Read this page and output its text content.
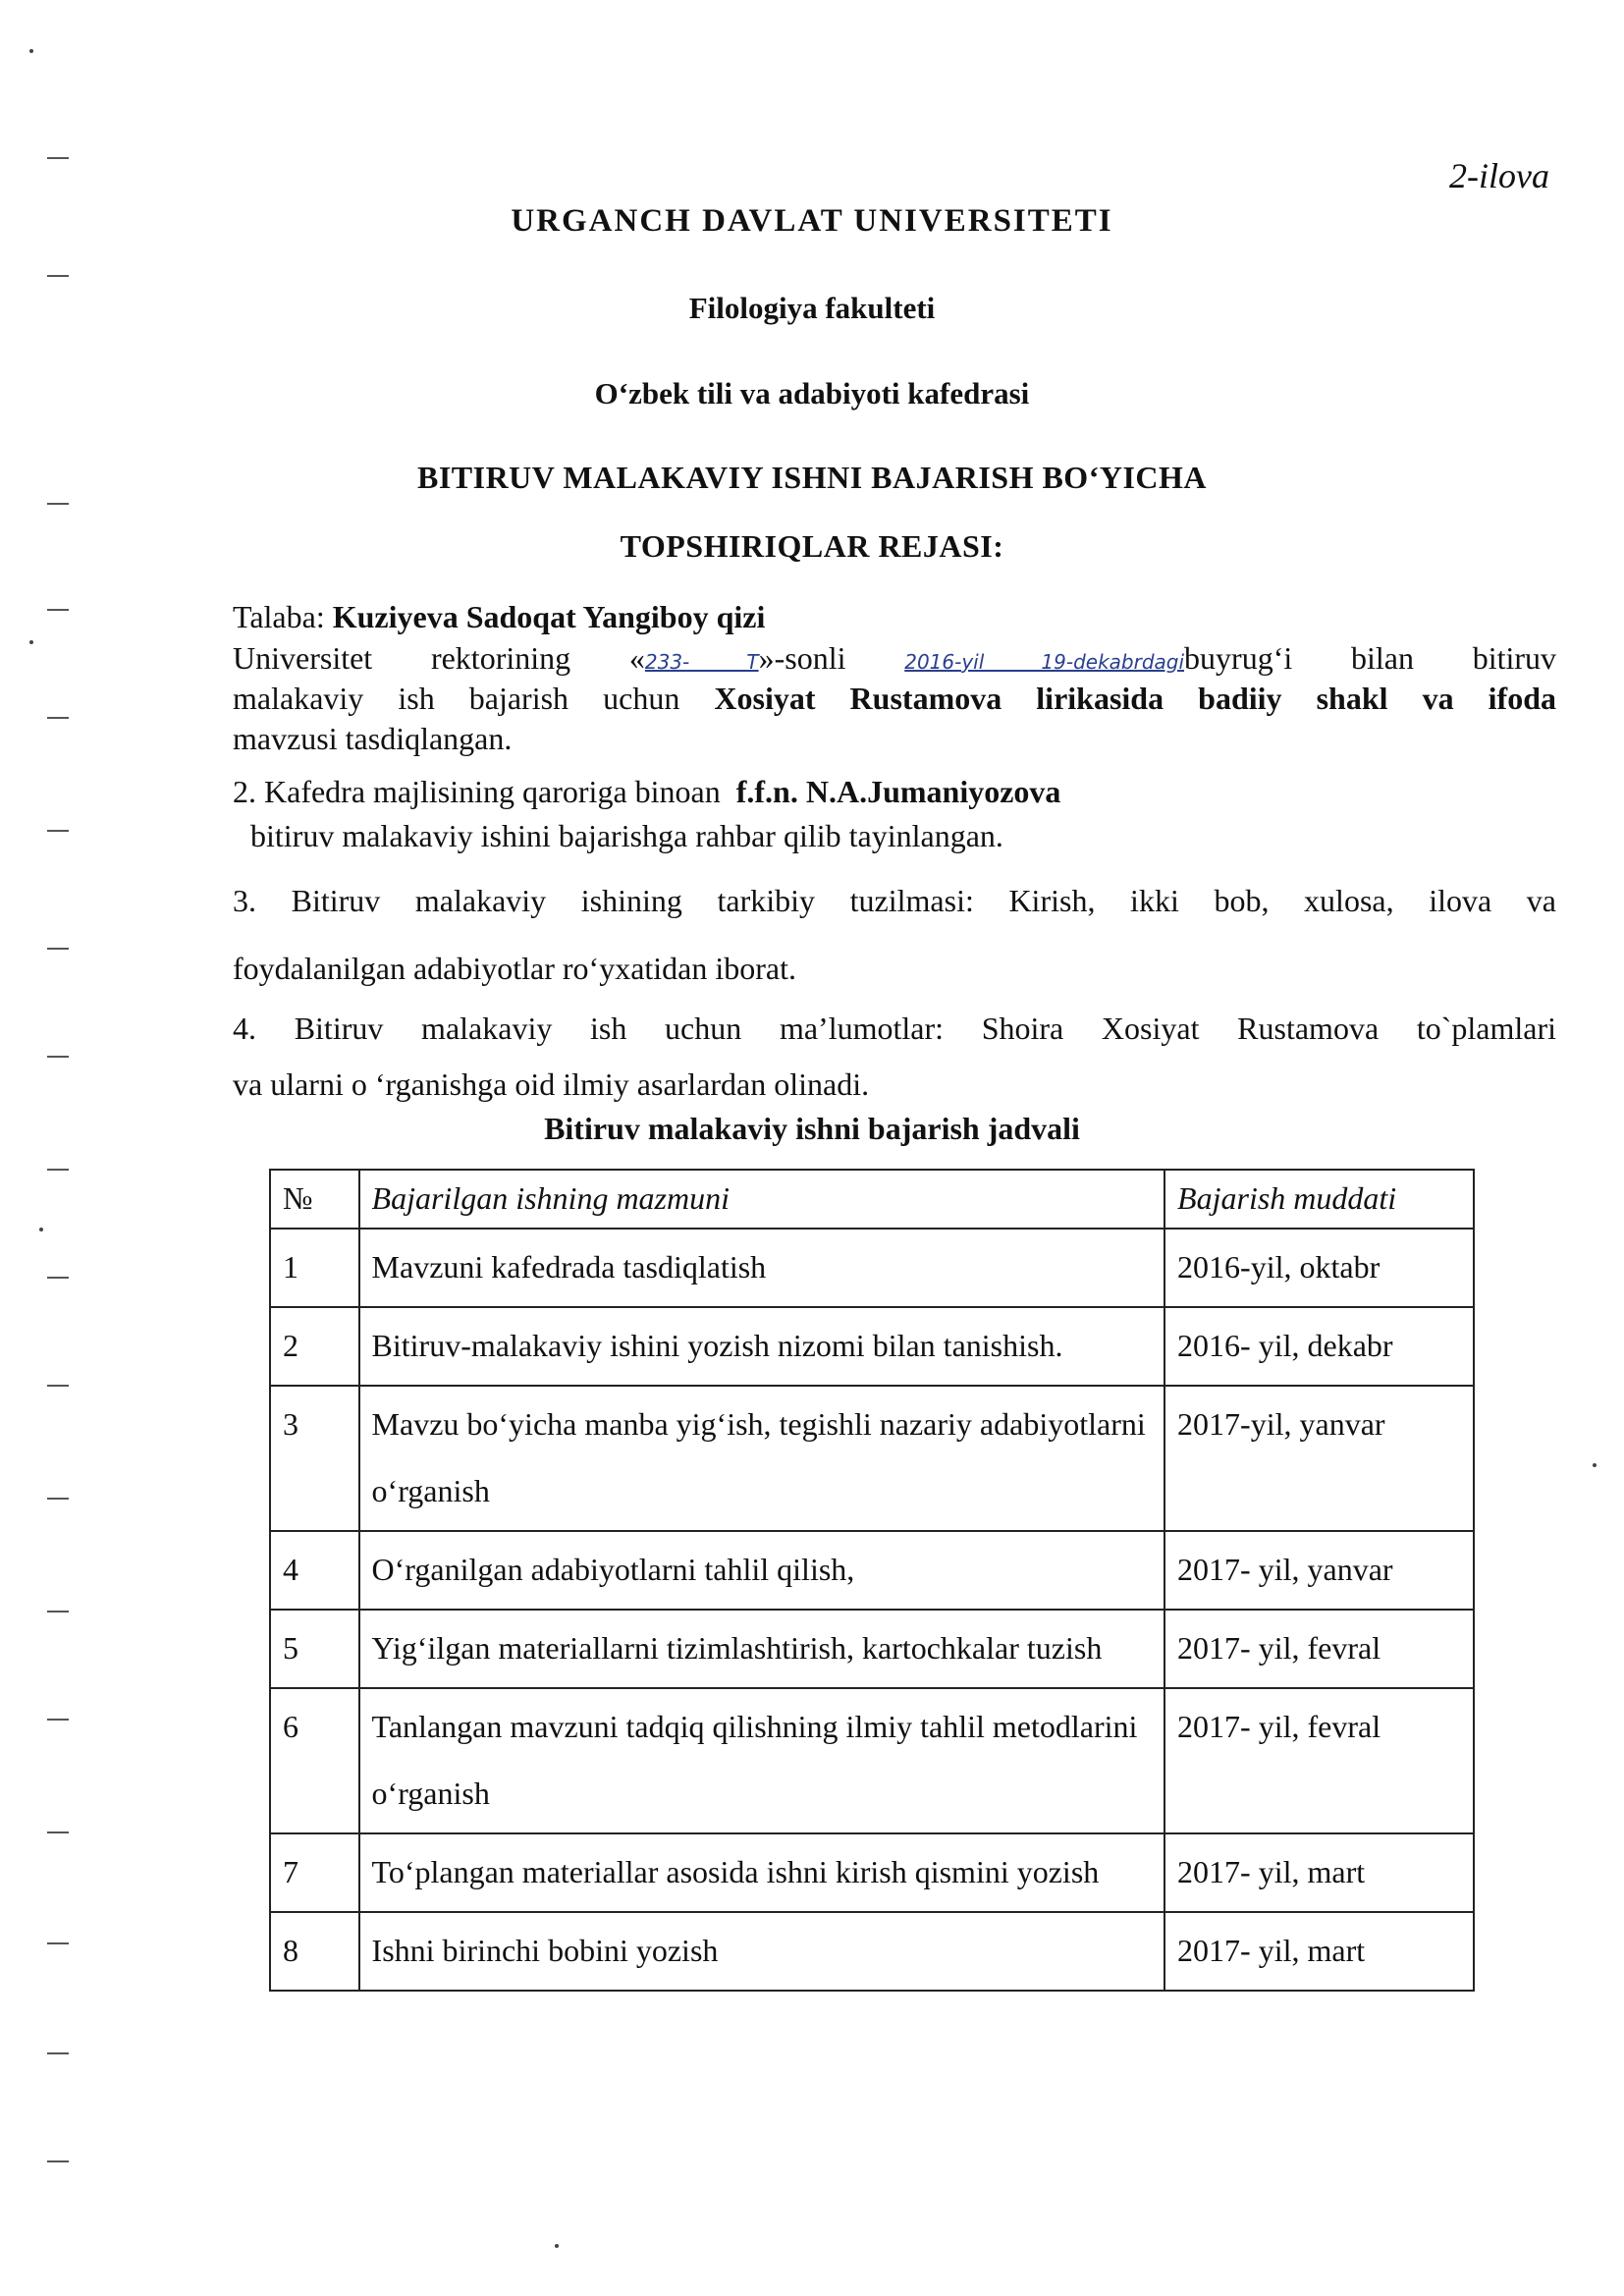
2-ilova
URGANCH DAVLAT UNIVERSITETI
Filologiya fakulteti
O‘zbek tili va adabiyoti kafedrasi
BITIRUV MALAKAVIY ISHNI BAJARISH BO‘YICHA
TOPSHIRIQLAR REJASI:
Talaba: Kuziyeva Sadoqat Yangiboy qizi
Universitet rektorining «233- T»-sonli	2016-yil 19-dekabrdagibuyrug‘i bilan bitiruv
malakaviy ish bajarish uchun Xosiyat Rustamova lirikasida badiiy shakl va ifoda
mavzusi tasdiqlangan.
2. Kafedra majlisining qaroriga binoan f.f.n. N.A.Jumaniyozova
bitiruv malakaviy ishini bajarishga rahbar qilib tayinlangan.
3. Bitiruv malakaviy ishining tarkibiy tuzilmasi: Kirish, ikki bob, xulosa, ilova va
foydalanilgan adabiyotlar ro‘yxatidan iborat.
4. Bitiruv malakaviy ish uchun ma’lumotlar: Shoira Xosiyat Rustamova to`plamlari
va ularni o ‘rganishga oid ilmiy asarlardan olinadi.
Bitiruv malakaviy ishni bajarish jadvali
№	Bajarilgan ishning mazmuni	Bajarish muddati
1	Mavzuni kafedrada tasdiqlatish	2016-yil, oktabr
2	Bitiruv-malakaviy ishini yozish nizomi bilan tanishish.	2016- yil, dekabr
3	Mavzu bo‘yicha manba yig‘ish, tegishli nazariy adabiyotlarni o‘rganish	2017-yil, yanvar
4	O‘rganilgan adabiyotlarni tahlil qilish,	2017- yil, yanvar
5	Yig‘ilgan materiallarni tizimlashtirish, kartochkalar tuzish	2017- yil, fevral
6	Tanlangan mavzuni tadqiq qilishning ilmiy tahlil metodlarini o‘rganish	2017- yil, fevral
7	To‘plangan materiallar asosida ishni kirish qismini yozish	2017- yil, mart
8	Ishni birinchi bobini yozish	2017- yil, mart
